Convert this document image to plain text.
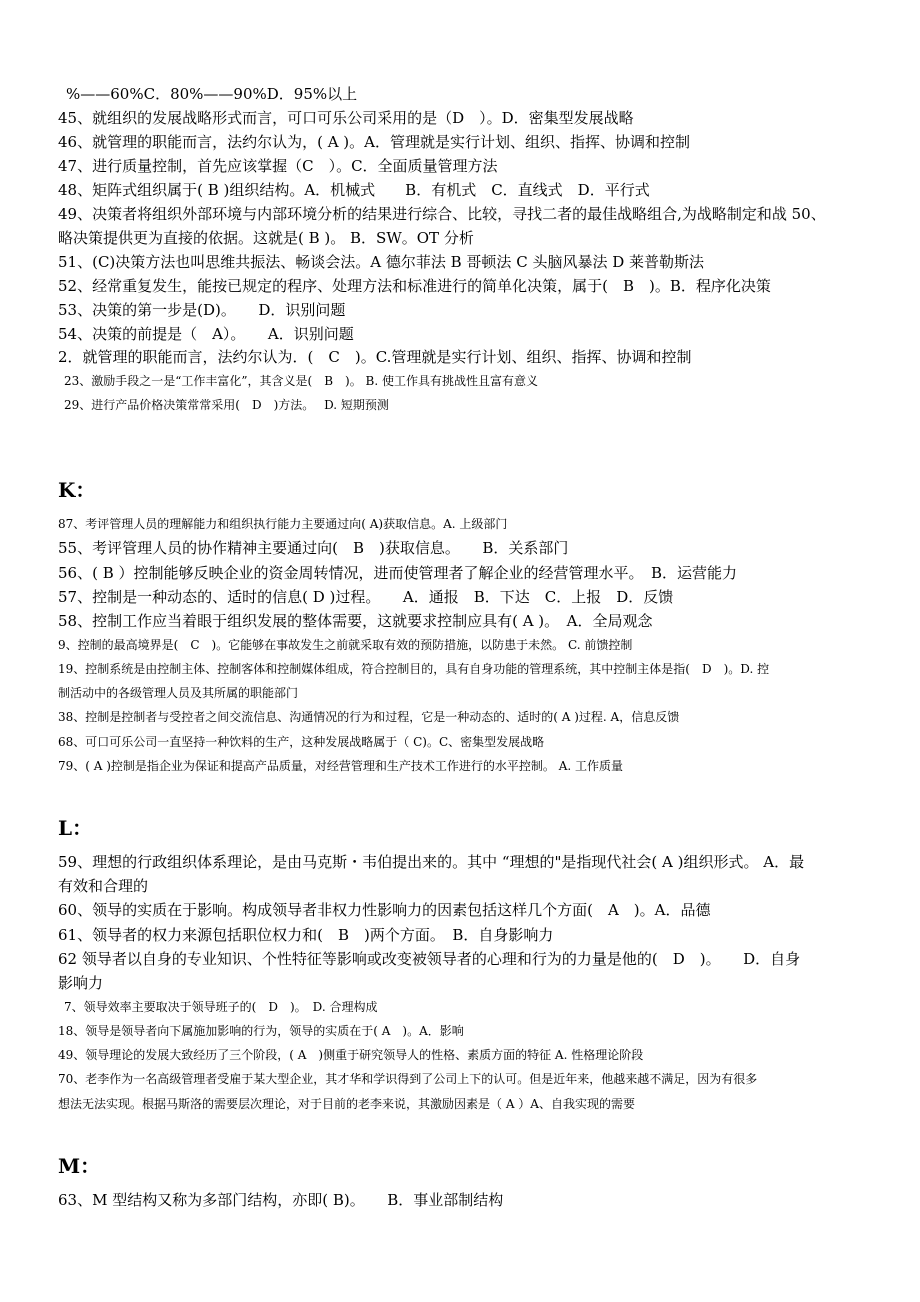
%——60%C．80%——90%D．95%以上
45、就组织的发展战略形式而言，可口可乐公司采用的是（D　）。D．密集型发展战略
46、就管理的职能而言，法约尔认为，( A )。A．管理就是实行计划、组织、指挥、协调和控制
47、进行质量控制，首先应该掌握（C　）。C．全面质量管理方法
48、矩阵式组织属于( B )组织结构。A．机械式　　B．有机式　C．直线式　D．平行式
49、决策者将组织外部环境与内部环境分析的结果进行综合、比较，寻找二者的最佳战略组合,为战略制定和战 50、
略决策提供更为直接的依据。这就是( B )。 B．SW。OT 分析
51、(C)决策方法也叫思维共振法、畅谈会法。A 德尔菲法 B 哥顿法 C 头脑风暴法 D 莱普勒斯法
52、经常重复发生，能按已规定的程序、处理方法和标准进行的简单化决策，属于(　B　)。B．程序化决策
53、决策的第一步是(D)。　　D．识别问题
54、决策的前提是（　A）。　　A．识别问题
2．就管理的职能而言，法约尔认为．(　C　)。C.管理就是实行计划、组织、指挥、协调和控制
23、激励手段之一是“工作丰富化”，其含义是(　B　)。 B. 使工作具有挑战性且富有意义
29、进行产品价格决策常常采用(　D　)方法。　 D. 短期预测
K：
87、考评管理人员的理解能力和组织执行能力主要通过向( A)获取信息。A. 上级部门
55、考评管理人员的协作精神主要通过向(　B　)获取信息。　　B．关系部门
56、( B ）控制能够反映企业的资金周转情况，进而使管理者了解企业的经营管理水平。　B．运营能力
57、控制是一种动态的、适时的信息( D )过程。　　A．通报　B．下达　C．上报　D．反馈
58、控制工作应当着眼于组织发展的整体需要，这就要求控制应具有( A )。　A．全局观念
9、控制的最高境界是(　C　)。它能够在事故发生之前就采取有效的预防措施，以防患于未然。 C. 前馈控制
19、控制系统是由控制主体、控制客体和控制媒体组成，符合控制目的，具有自身功能的管理系统，其中控制主体是指(　D　)。D. 控
制活动中的各级管理人员及其所属的职能部门
38、控制是控制者与受控者之间交流信息、沟通情况的行为和过程，它是一种动态的、适时的( A )过程. A，信息反馈
68、可口可乐公司一直坚持一种饮料的生产，这种发展战略属于（ C)。C、密集型发展战略
79、( A )控制是指企业为保证和提高产品质量，对经营管理和生产技术工作进行的水平控制。 A. 工作质量
L：
59、理想的行政组织体系理论，是由马克斯・韦伯提出来的。其中 “理想的"是指现代社会( A )组织形式。 A．最
有效和合理的
60、领导的实质在于影响。构成领导者非权力性影响力的因素包括这样几个方面(　A　)。A．品德
61、领导者的权力来源包括职位权力和(　B　)两个方面。　B．自身影响力
62 领导者以自身的专业知识、个性特征等影响或改变被领导者的心理和行为的力量是他的(　D　)。　　D．自身
影响力
7、领导效率主要取决于领导班子的(　D　)。　D. 合理构成
18、领导是领导者向下属施加影响的行为，领导的实质在于( A　)。A．影响
49、领导理论的发展大致经历了三个阶段，( A　)侧重于研究领导人的性格、素质方面的特征 A. 性格理论阶段
70、老李作为一名高级管理者受雇于某大型企业，其才华和学识得到了公司上下的认可。但是近年来，他越来越不满足，因为有很多
想法无法实现。根据马斯洛的需要层次理论，对于目前的老李来说，其激励因素是（ A ）A、自我实现的需要
M：
63、M 型结构又称为多部门结构，亦即( B)。　　B．事业部制结构
